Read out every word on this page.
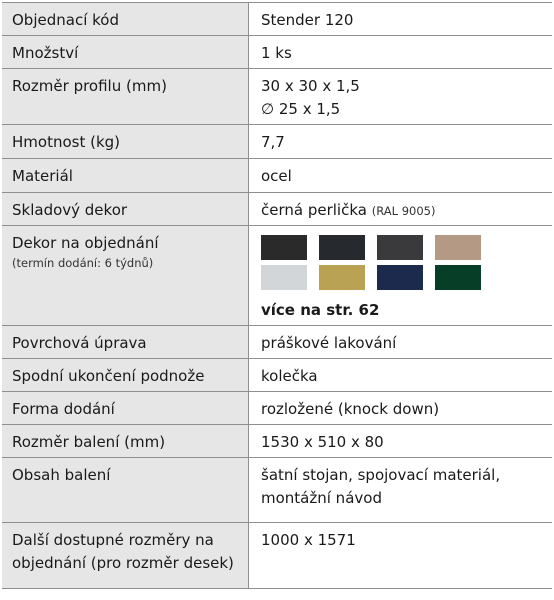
Objednací kód	Stender 120
Množství	1 ks
Rozměr profilu (mm)	30 x 30 x 1,5
∅ 25 x 1,5

Hmotnost (kg)	7,7
Materiál	ocel
Skladový dekor	černá perlička (RAL 9005)

Dekor na objednání
(termín dodání: 6 týdnů)	více na str. 62

Povrchová úprava	práškové lakování
Spodní ukončení podnože	kolečka
Forma dodání	rozložené (knock down)
Rozměr balení (mm)	1530 x 510 x 80
Obsah balení	šatní stojan, spojovací materiál,
montážní návod

Další dostupné rozměry na
objednání (pro rozměr desek)	1000 x 1571
